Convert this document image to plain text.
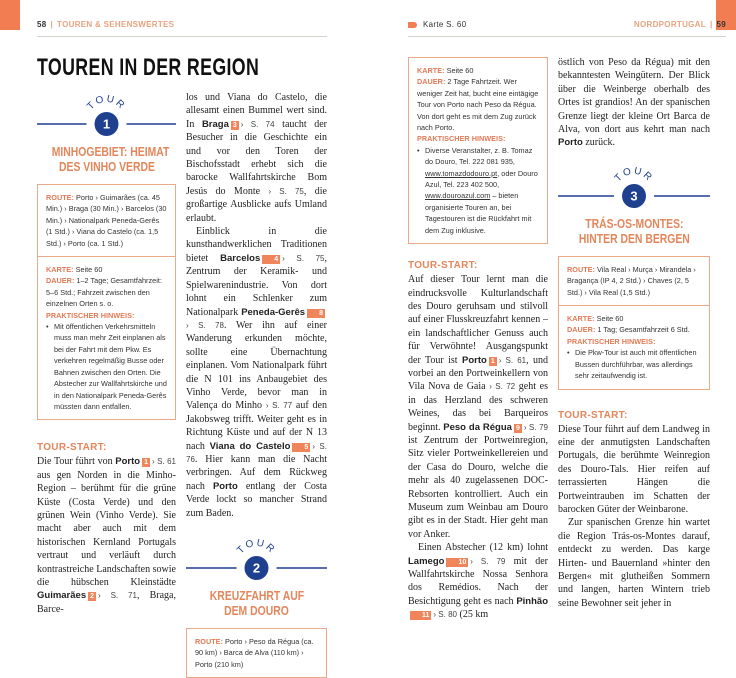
58 | TOUREN & SEHENSWERTES	Karte S. 60	NORDPORTUGAL | 59
TOUREN IN DER REGION
TOUR
1
MINHOGEBIET: HEIMAT
DES VINHO VERDE
ROUTE: Porto › Guimarães (ca. 45 Min.) › Braga (30 Min.) › Barcelos (30 Min.) › Nationalpark Peneda-Gerês (1 Std.) › Viana do Castelo (ca. 1,5 Std.) › Porto (ca. 1 Std.)
KARTE: Seite 60
DAUER: 1–2 Tage; Gesamtfahrzeit: 5–6 Std.; Fahrzeit zwischen den einzelnen Orten s. o.
PRAKTISCHER HINWEIS:
• Mit öffentlichen Verkehrsmitteln muss man mehr Zeit einplanen als bei der Fahrt mit dem Pkw. Es verkehren regelmäßig Busse oder Bahnen zwischen den Orten. Die Abstecher zur Wallfahrtskirche und in den Nationalpark Peneda-Gerês müssten dann entfallen.
TOUR-START:

Die Tour führt von Porto 1 › S. 61 aus gen Norden in die Minho-Region – berühmt für die grüne Küste (Costa Verde) und den grünen Wein (Vinho Verde). Sie macht aber auch mit dem historischen Kernland Portugals vertraut und verläuft durch kontrastreiche Landschaften sowie die hübschen Kleinstädte Guimarães 2 › S. 71, Braga, Barce-

los und Viana do Castelo, die allesamt einen Bummel wert sind. In Braga 3 › S. 74 taucht der Besucher in die Geschichte ein und vor den Toren der Bischofsstadt erhebt sich die barocke Wallfahrtskirche Bom Jesús do Monte › S. 75, die großartige Ausblicke aufs Umland erlaubt.

Einblick in die kunsthandwerklichen Traditionen bietet Barcelos 4 › S. 75, Zentrum der Keramik- und Spielwarenindustrie. Von dort lohnt ein Schlenker zum Nationalpark Peneda-Gerês 8› S. 78. Wer ihn auf einer Wanderung erkunden möchte, sollte eine Übernachtung einplanen. Vom Nationalpark führt die N 101 ins Anbaugebiet des Vinho Verde, bevor man in Valença do Minho › S. 77 auf den Jakobsweg trifft. Weiter geht es in Richtung Küste und auf der N 13 nach Viana do Castelo 5 › S. 76. Hier kann man die Nacht verbringen. Auf dem Rückweg nach Porto entlang der Costa Verde lockt so mancher Strand zum Baden.

TOUR
2
KREUZFAHRT AUF
DEM DOURO
ROUTE: Porto › Peso da Régua (ca. 90 km) › Barca de Alva (110 km) › Porto (210 km)
KARTE: Seite 60
DAUER: 2 Tage Fahrtzeit. Wer weniger Zeit hat, bucht eine eintägige Tour von Porto nach Peso da Régua. Von dort geht es mit dem Zug zurück nach Porto.
PRAKTISCHER HINWEIS:
• Diverse Veranstalter, z. B. Tomaz do Douro, Tel. 222 081 935, www.tomazdodouro.pt, oder Douro Azul, Tel. 223 402 500, www.douroazul.com – bieten organisierte Touren an, bei Tagestouren ist die Rückfahrt mit dem Zug inklusive.
TOUR-START:

Auf dieser Tour lernt man die eindrucksvolle Kulturlandschaft des Douro geruhsam und stilvoll auf einer Flusskreuzfahrt kennen – ein landschaftlicher Genuss auch für Verwöhnte! Ausgangspunkt der Tour ist Porto 1 › S. 61, und vorbei an den Portweinkellern von Vila Nova de Gaia › S. 72 geht es in das Herzland des schweren Weines, das bei Barqueiros beginnt. Peso da Régua 9 › S. 79 ist Zentrum der Portweinregion, Sitz vieler Portweinkellereien und der Casa do Douro, welche die mehr als 40 zugelassenen DOC-Rebsorten kontrolliert. Auch ein Museum zum Weinbau am Douro gibt es in der Stadt. Hier geht man vor Anker.

Einen Abstecher (12 km) lohnt Lamego 10 › S. 79 mit der Wallfahrtskirche Nossa Senhora dos Remédios. Nach der Besichtigung geht es nach Pinhão11 › S. 80 (25 km

östlich von Peso da Régua) mit den bekanntesten Weingütern. Der Blick über die Weinberge oberhalb des Ortes ist grandios! An der spanischen Grenze liegt der kleine Ort Barca de Alva, von dort aus kehrt man nach Porto zurück.

TOUR
3
TRÁS-OS-MONTES:
HINTER DEN BERGEN
ROUTE: Vila Real › Murça › Mirandela › Bragança (IP 4, 2 Std.) › Chaves (2, 5 Std.) › Vila Real (1,5 Std.)
KARTE: Seite 60
DAUER: 1 Tag; Gesamtfahrzeit 6 Std.
PRAKTISCHER HINWEIS:
• Die Pkw-Tour ist auch mit öffentlichen Bussen durchführbar, was allerdings sehr zeitaufwendig ist.
TOUR-START:

Diese Tour führt auf dem Landweg in eine der anmutigsten Landschaften Portugals, die berühmte Weinregion des Douro-Tals. Hier reifen auf terrassierten Hängen die Portweintrauben im Schatten der barocken Güter der Weinbarone.

Zur spanischen Grenze hin wartet die Region Trás-os-Montes darauf, entdeckt zu werden. Das karge Hirten- und Bauernland »hinter den Bergen« mit glutheißen Sommern und langen, harten Wintern trieb seine Bewohner seit jeher in
